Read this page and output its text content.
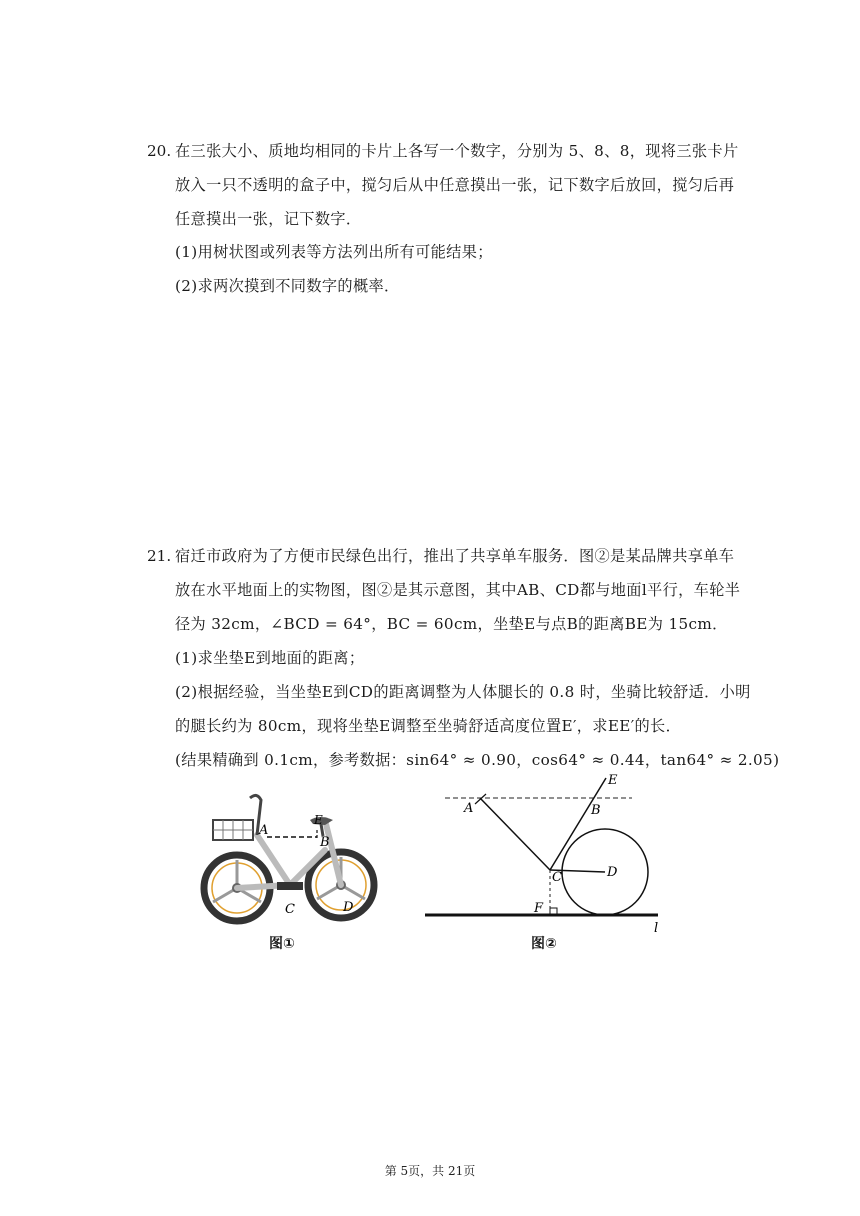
20. 在三张大小、质地均相同的卡片上各写一个数字，分别为 5、8、8，现将三张卡片
放入一只不透明的盒子中，搅匀后从中任意摸出一张，记下数字后放回，搅匀后再
任意摸出一张，记下数字．
(1)用树状图或列表等方法列出所有可能结果；
(2)求两次摸到不同数字的概率．
21. 宿迁市政府为了方便市民绿色出行，推出了共享单车服务．图②是某品牌共享单车
放在水平地面上的实物图，图②是其示意图，其中AB、CD都与地面l平行，车轮半
径为 32cm，∠BCD = 64°，BC = 60cm，坐垫E与点B的距离BE为 15cm．
(1)求坐垫E到地面的距离；
(2)根据经验，当坐垫E到CD的距离调整为人体腿长的 0.8 时，坐骑比较舒适．小明
的腿长约为 80cm，现将坐垫E调整至坐骑舒适高度位置E′，求EE′的长．
(结果精确到 0.1cm，参考数据：sin64° ≈ 0.90，cos64° ≈ 0.44，tan64° ≈ 2.05)
A
E
B
C	D
图①
A	B
E
C	D
F
l
图②
第 5页，共 21页
